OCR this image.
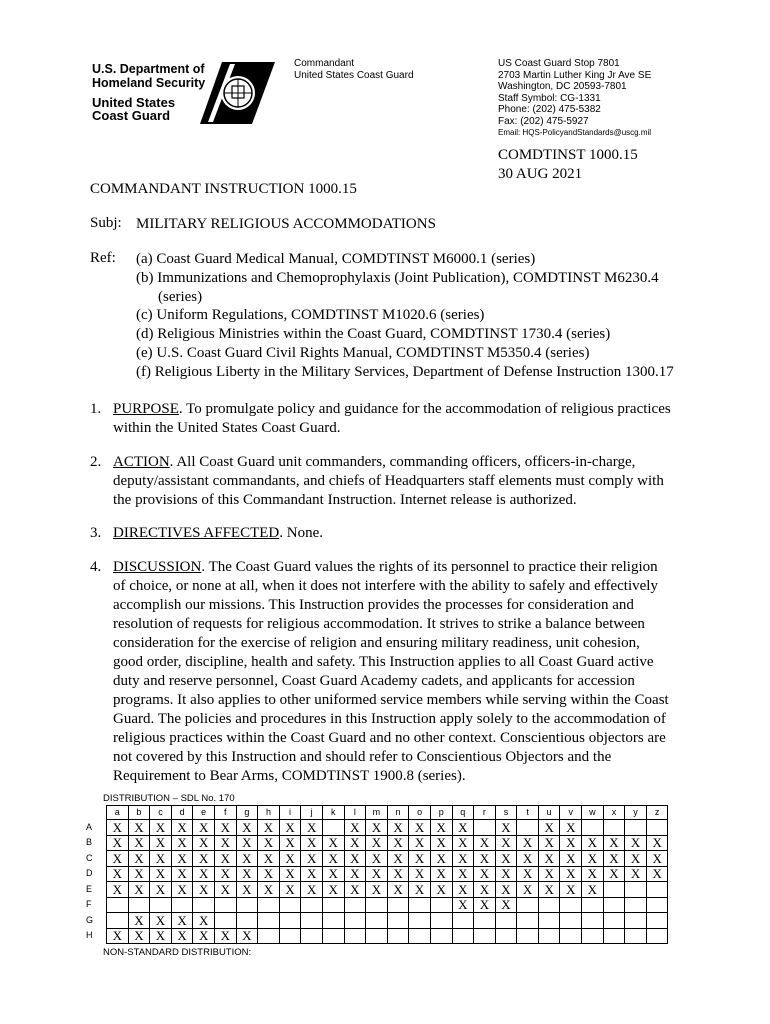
U.S. Department of Homeland Security
United States Coast Guard
Commandant
United States Coast Guard
US Coast Guard Stop 7801
2703 Martin Luther King Jr Ave SE
Washington, DC 20593-7801
Staff Symbol: CG-1331
Phone: (202) 475-5382
Fax: (202) 475-5927
Email: HQS-PolicyandStandards@uscg.mil
COMDTINST 1000.15
30 AUG 2021
COMMANDANT INSTRUCTION 1000.15
Subj: MILITARY RELIGIOUS ACCOMMODATIONS
Ref: (a) Coast Guard Medical Manual, COMDTINST M6000.1 (series)
(b) Immunizations and Chemoprophylaxis (Joint Publication), COMDTINST M6230.4
(series)
(c) Uniform Regulations, COMDTINST M1020.6 (series)
(d) Religious Ministries within the Coast Guard, COMDTINST 1730.4 (series)
(e) U.S. Coast Guard Civil Rights Manual, COMDTINST M5350.4 (series)
(f) Religious Liberty in the Military Services, Department of Defense Instruction 1300.17
1. PURPOSE. To promulgate policy and guidance for the accommodation of religious practices within the United States Coast Guard.
2. ACTION. All Coast Guard unit commanders, commanding officers, officers-in-charge, deputy/assistant commandants, and chiefs of Headquarters staff elements must comply with the provisions of this Commandant Instruction. Internet release is authorized.
3. DIRECTIVES AFFECTED. None.
4. DISCUSSION. The Coast Guard values the rights of its personnel to practice their religion of choice, or none at all, when it does not interfere with the ability to safely and effectively accomplish our missions. This Instruction provides the processes for consideration and resolution of requests for religious accommodation. It strives to strike a balance between consideration for the exercise of religion and ensuring military readiness, unit cohesion, good order, discipline, health and safety. This Instruction applies to all Coast Guard active duty and reserve personnel, Coast Guard Academy cadets, and applicants for accession programs. It also applies to other uniformed service members while serving within the Coast Guard. The policies and procedures in this Instruction apply solely to the accommodation of religious practices within the Coast Guard and no other context. Conscientious objectors are not covered by this Instruction and should refer to Conscientious Objectors and the Requirement to Bear Arms, COMDTINST 1900.8 (series).
DISTRIBUTION – SDL No. 170
	a	b	c	d	e	f	g	h	i	j	k	l	m	n	o	p	q	r	s	t	u	v	w	x	y	z
A	X	X	X	X	X	X	X	X	X	X		X	X	X	X	X	X		X		X	X				
B	X	X	X	X	X	X	X	X	X	X	X	X	X	X	X	X	X	X	X	X	X	X	X	X	X	X
C	X	X	X	X	X	X	X	X	X	X	X	X	X	X	X	X	X	X	X	X	X	X	X	X	X	X
D	X	X	X	X	X	X	X	X	X	X	X	X	X	X	X	X	X	X	X	X	X	X	X	X	X	X
E	X	X	X	X	X	X	X	X	X	X	X	X	X	X	X	X	X	X	X	X	X	X	X			
F																	X	X	X							
G		X	X	X	X																					
H	X	X	X	X	X	X	X																			
NON-STANDARD DISTRIBUTION:
